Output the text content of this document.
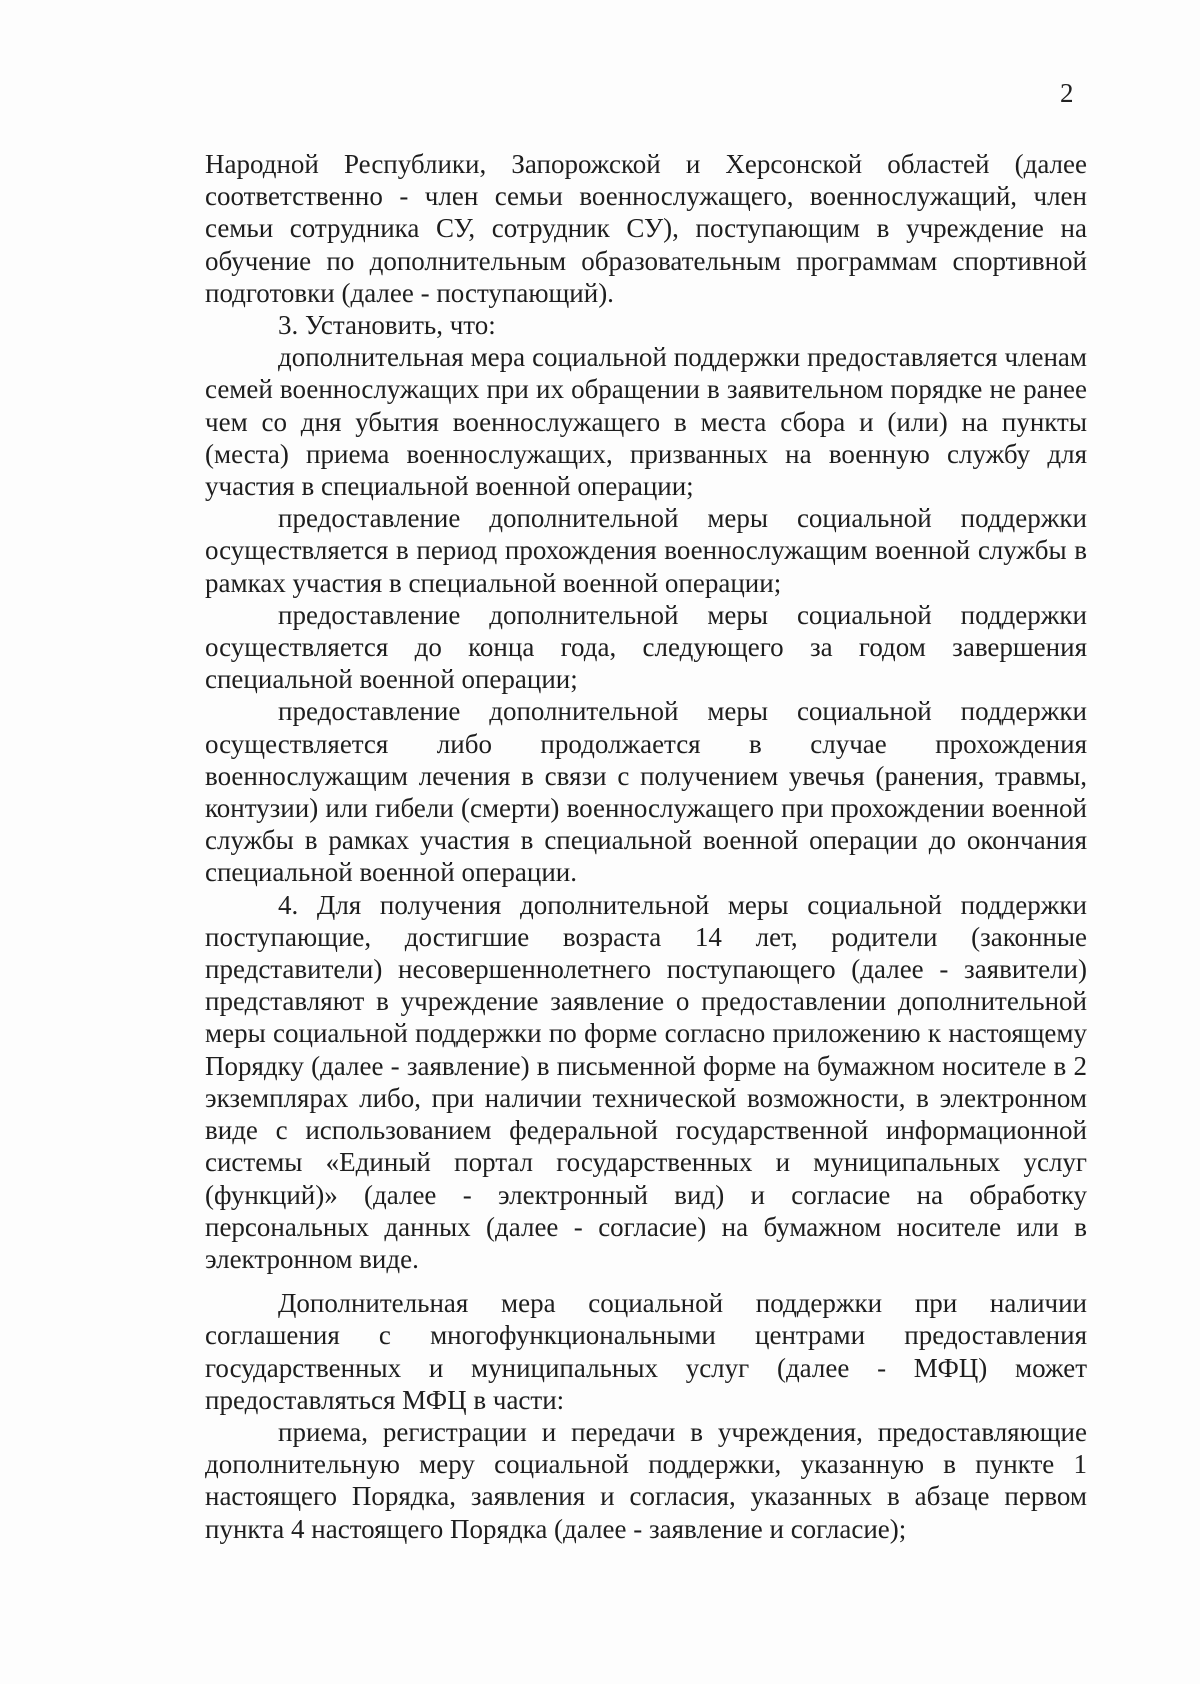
2

Народной Республики, Запорожской и Херсонской областей (далее соответственно - член семьи военнослужащего, военнослужащий, член семьи сотрудника СУ, сотрудник СУ), поступающим в учреждение на обучение по дополнительным образовательным программам спортивной подготовки (далее - поступающий).

3. Установить, что:

дополнительная мера социальной поддержки предоставляется членам семей военнослужащих при их обращении в заявительном порядке не ранее чем со дня убытия военнослужащего в места сбора и (или) на пункты (места) приема военнослужащих, призванных на военную службу для участия в специальной военной операции;

предоставление дополнительной меры социальной поддержки осуществляется в период прохождения военнослужащим военной службы в рамках участия в специальной военной операции;

предоставление дополнительной меры социальной поддержки осуществляется до конца года, следующего за годом завершения специальной военной операции;

предоставление дополнительной меры социальной поддержки осуществляется либо продолжается в случае прохождения военнослужащим лечения в связи с получением увечья (ранения, травмы, контузии) или гибели (смерти) военнослужащего при прохождении военной службы в рамках участия в специальной военной операции до окончания специальной военной операции.

4. Для получения дополнительной меры социальной поддержки поступающие, достигшие возраста 14 лет, родители (законные представители) несовершеннолетнего поступающего (далее - заявители) представляют в учреждение заявление о предоставлении дополнительной меры социальной поддержки по форме согласно приложению к настоящему Порядку (далее - заявление) в письменной форме на бумажном носителе в 2 экземплярах либо, при наличии технической возможности, в электронном виде с использованием федеральной государственной информационной системы «Единый портал государственных и муниципальных услуг (функций)» (далее - электронный вид) и согласие на обработку персональных данных (далее - согласие) на бумажном носителе или в электронном виде.

Дополнительная мера социальной поддержки при наличии соглашения с многофункциональными центрами предоставления государственных и муниципальных услуг (далее - МФЦ) может предоставляться МФЦ в части:

приема, регистрации и передачи в учреждения, предоставляющие дополнительную меру социальной поддержки, указанную в пункте 1 настоящего Порядка, заявления и согласия, указанных в абзаце первом пункта 4 настоящего Порядка (далее - заявление и согласие);
